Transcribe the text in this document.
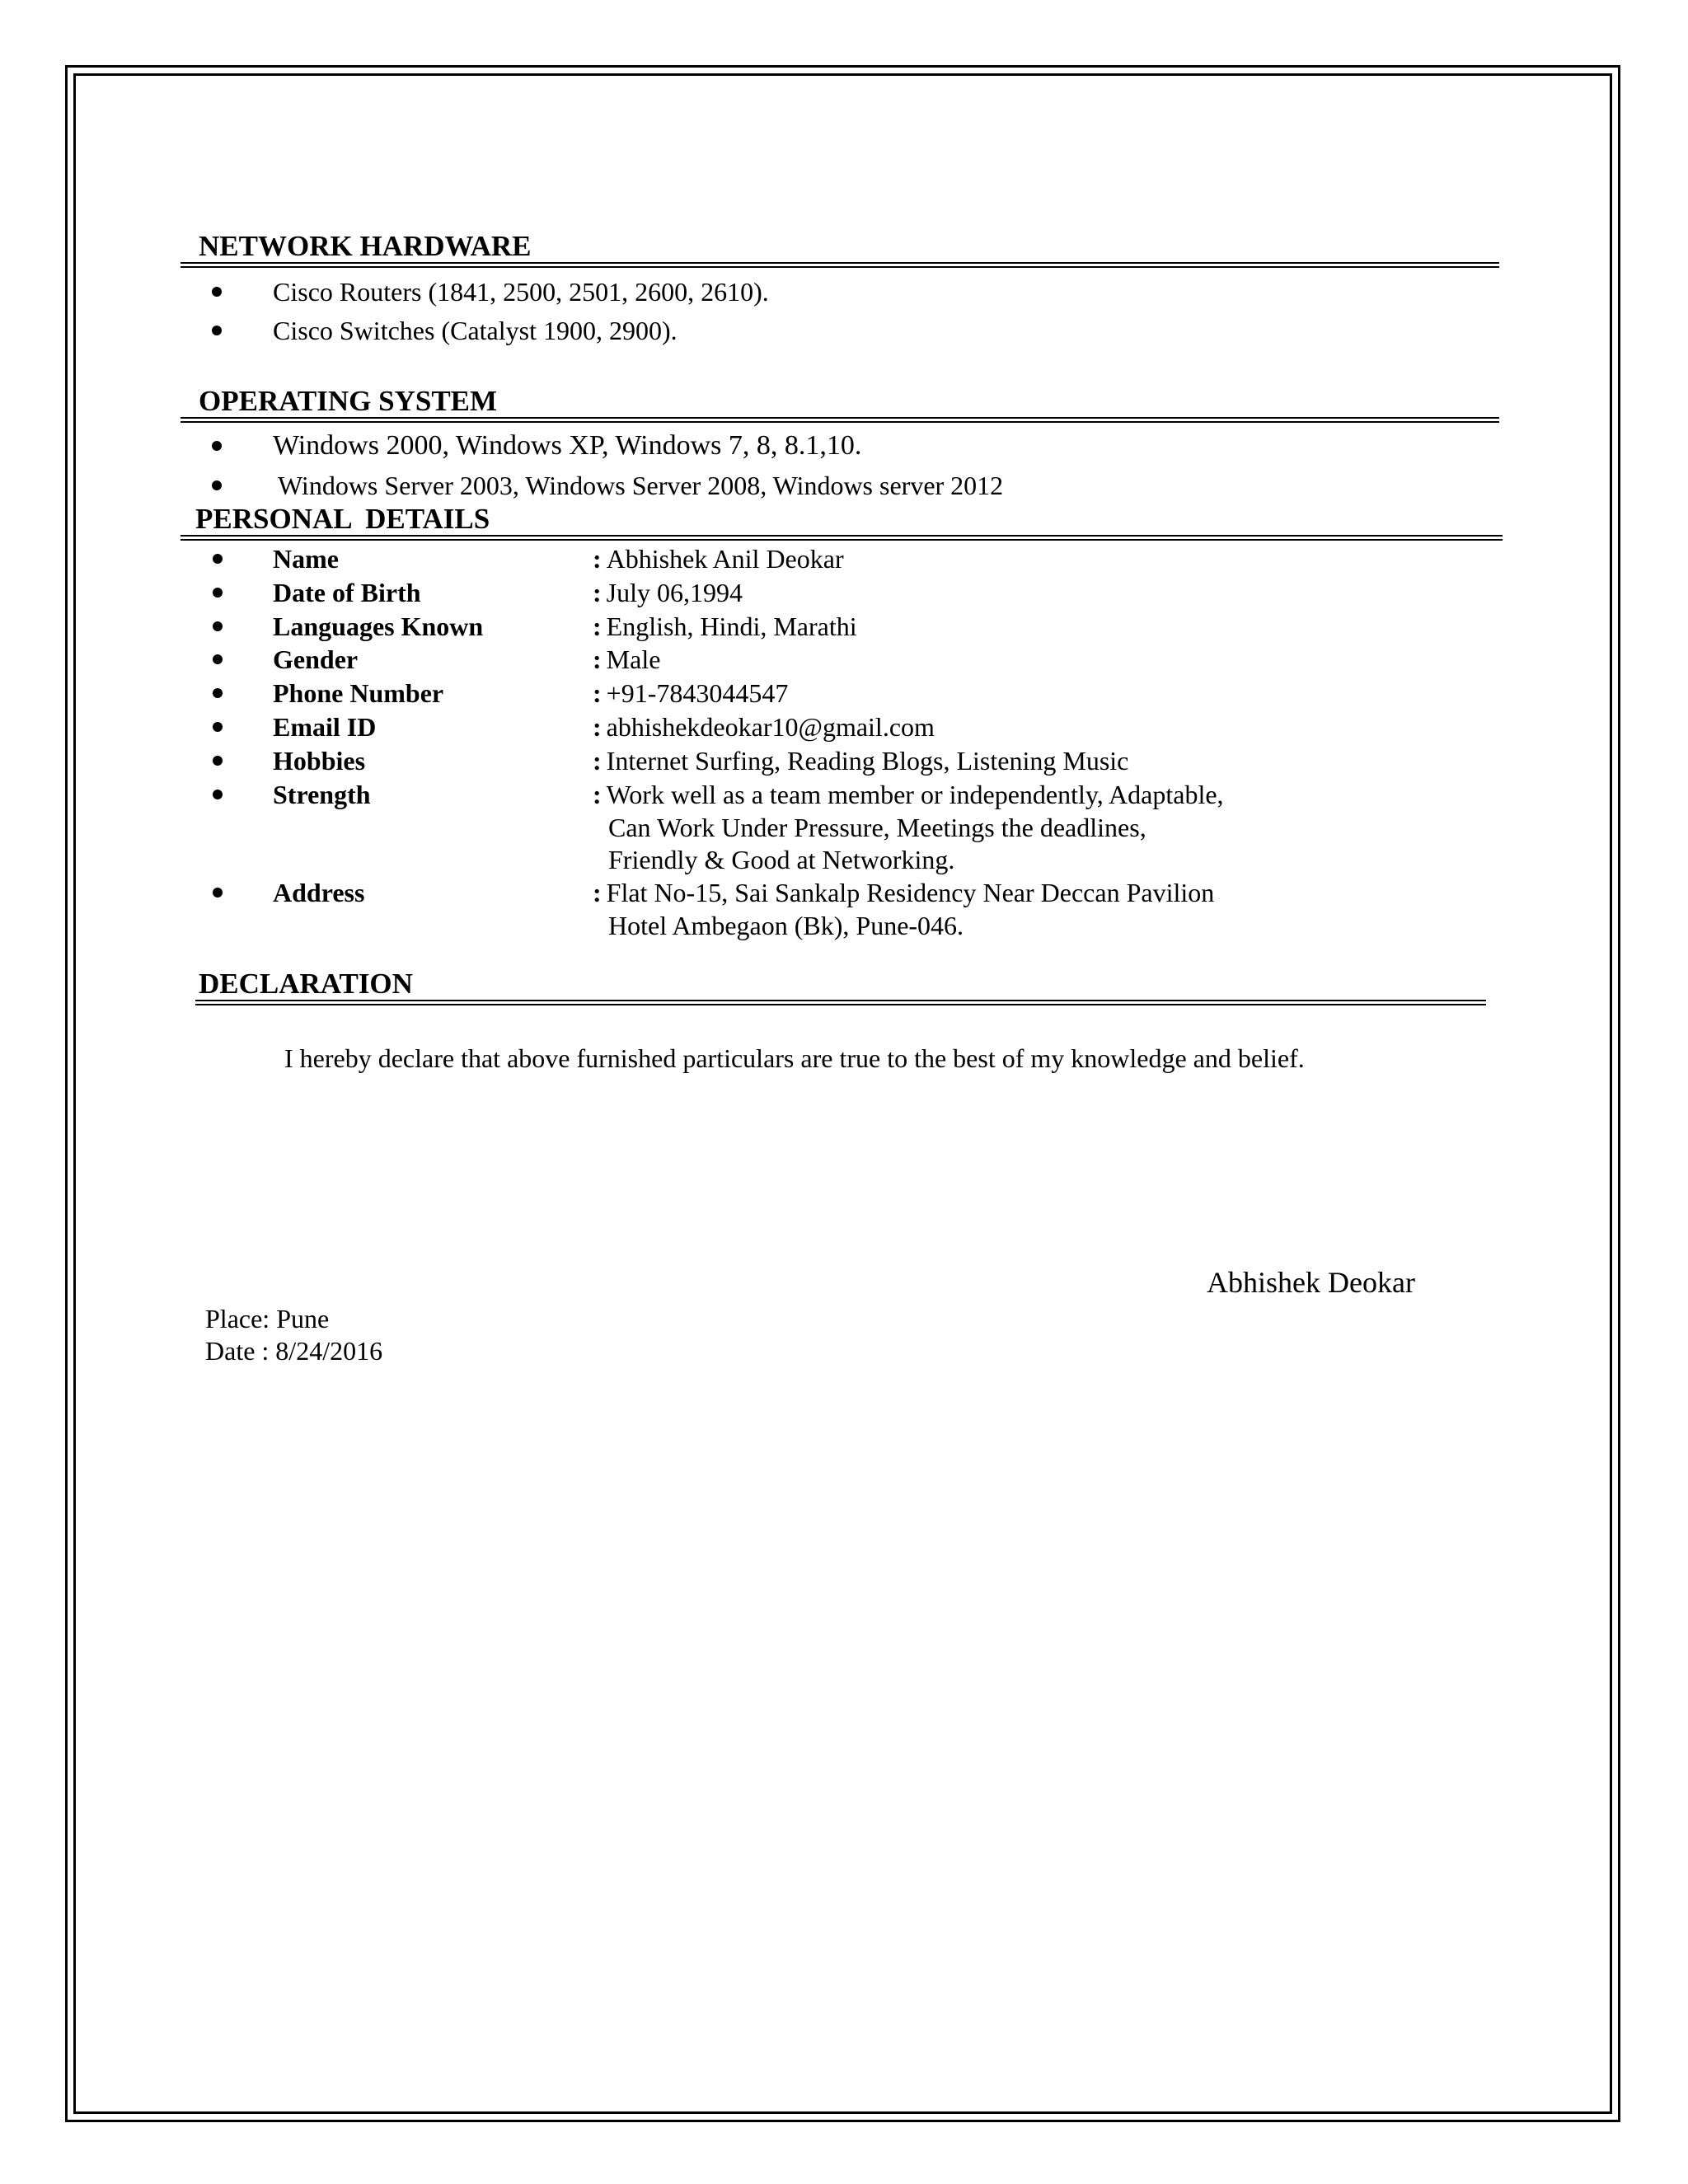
NETWORK HARDWARE
Cisco Routers (1841, 2500, 2501, 2600, 2610).
Cisco Switches (Catalyst 1900, 2900).
OPERATING SYSTEM
Windows 2000, Windows XP, Windows 7, 8, 8.1,10.
Windows Server 2003, Windows Server 2008, Windows server 2012
PERSONAL  DETAILS
Name	: Abhishek Anil Deokar
Date of Birth	: July 06,1994
Languages Known	: English, Hindi, Marathi
Gender	: Male
Phone Number	: +91-7843044547
Email ID	: abhishekdeokar10@gmail.com
Hobbies	: Internet Surfing, Reading Blogs, Listening Music
Strength	: Work well as a team member or independently, Adaptable,
Can Work Under Pressure, Meetings the deadlines,
Friendly & Good at Networking.
Address	: Flat No-15, Sai Sankalp Residency Near Deccan Pavilion
Hotel Ambegaon (Bk), Pune-046.
DECLARATION
I hereby declare that above furnished particulars are true to the best of my knowledge and belief.
Abhishek Deokar
Place: Pune
Date : 8/24/2016
